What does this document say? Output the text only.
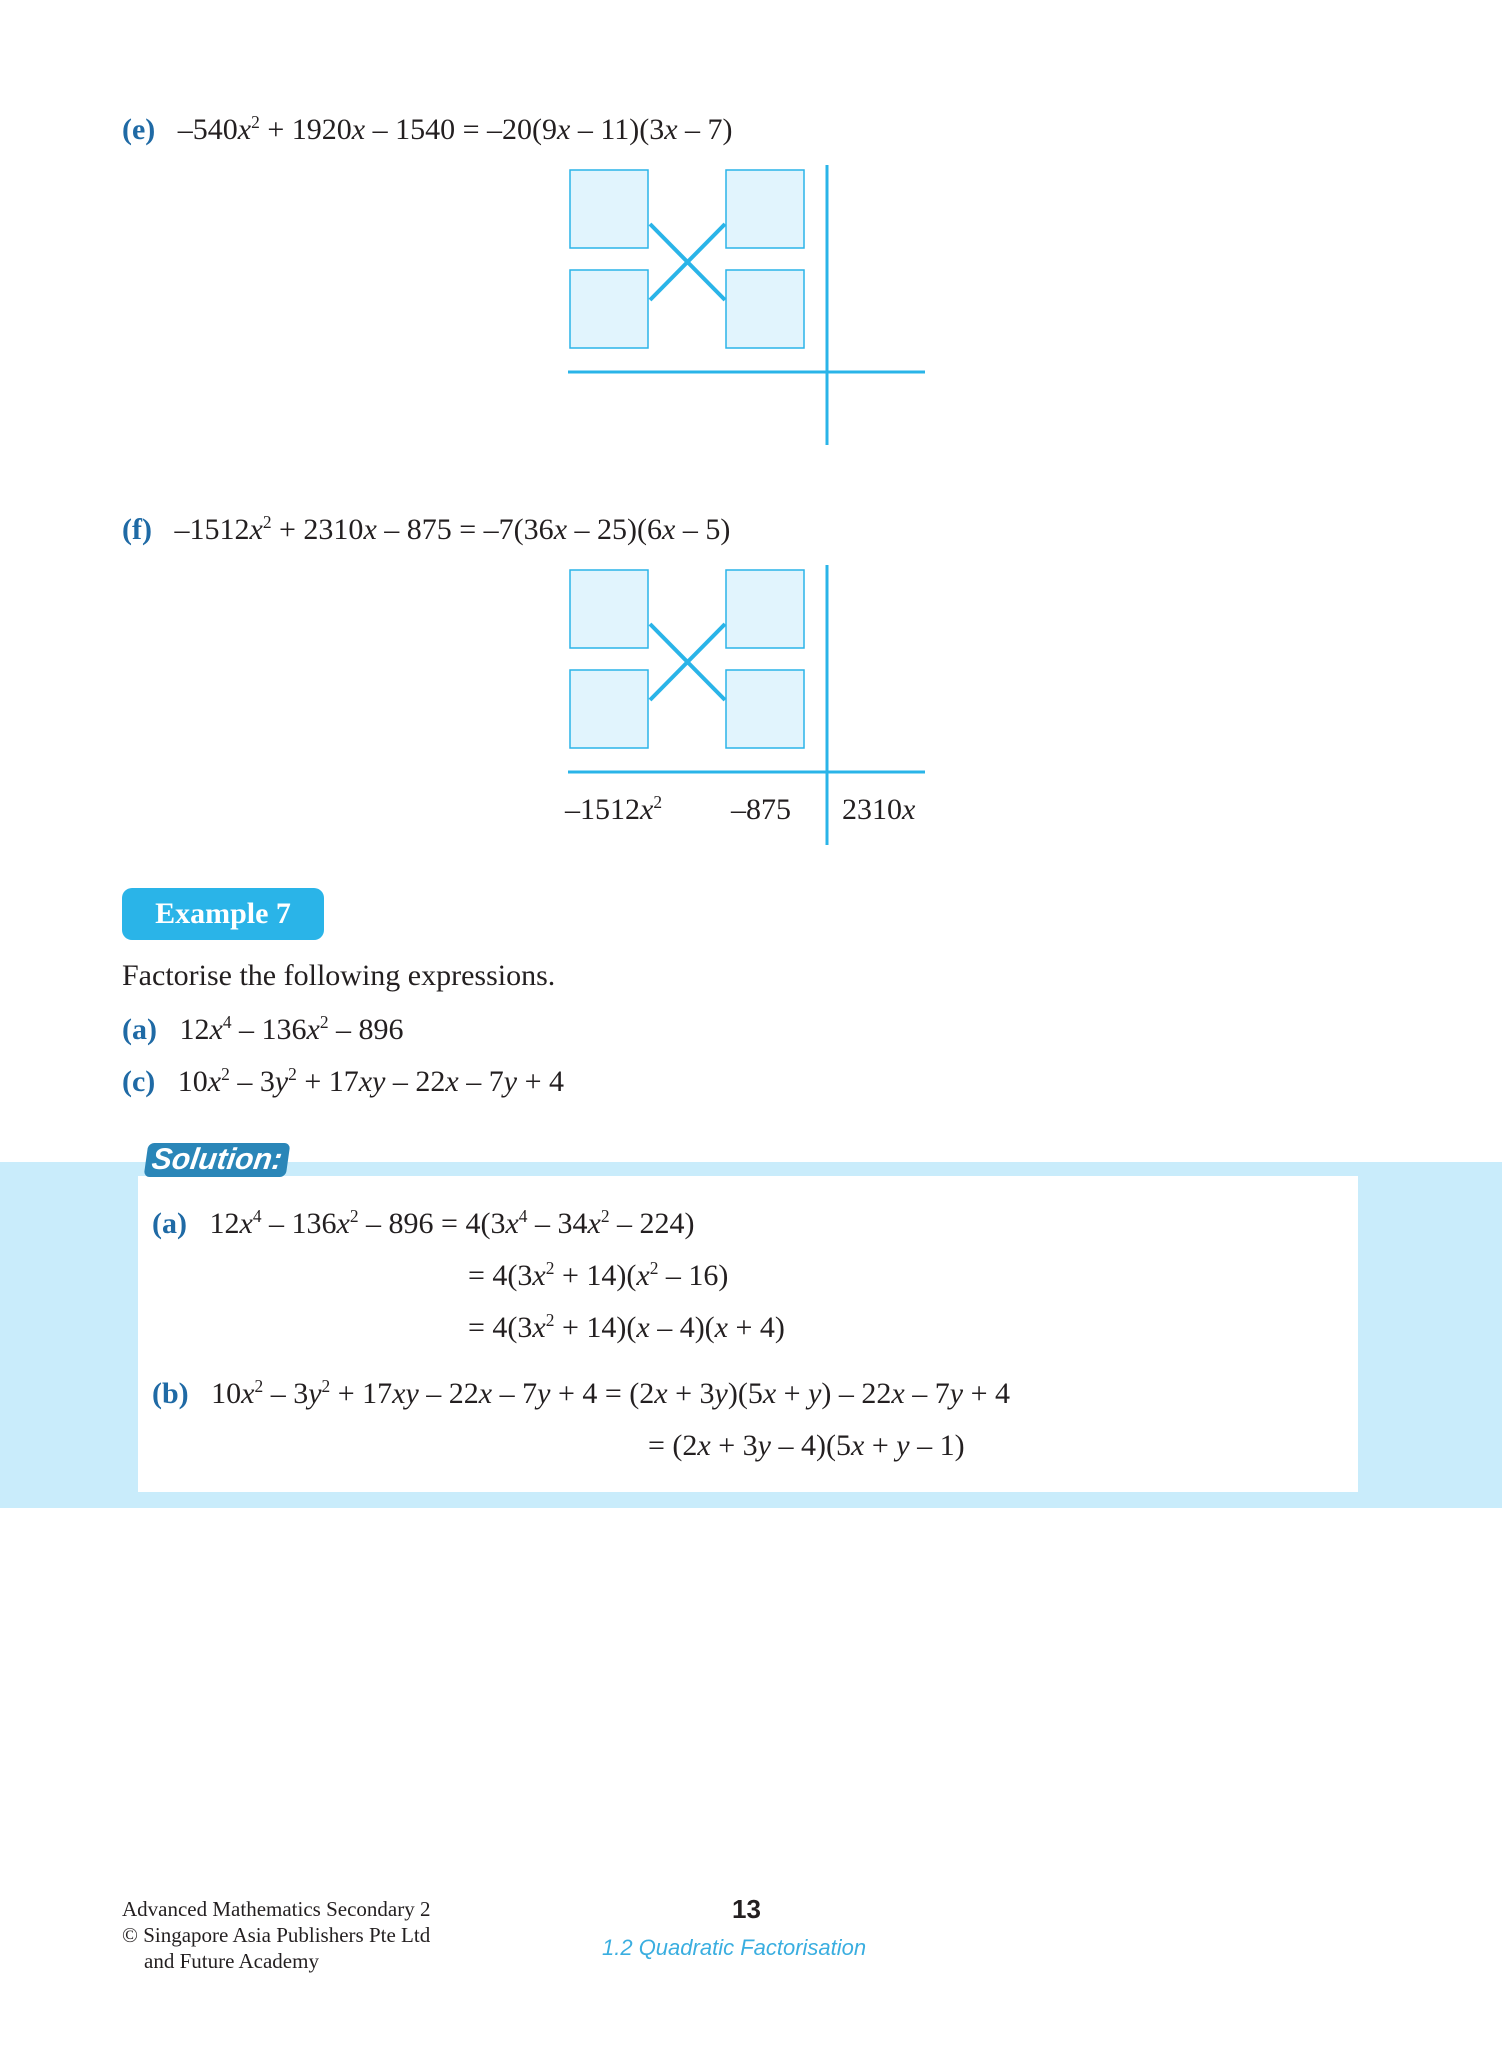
(e)   $-540x^2 + 1920x - 1540 = -20(9x - 11)(3x - 7)$
(f)   $-1512x^2 + 2310x - 875 = -7(36x - 25)(6x - 5)$
$-1512x^2$ –875 2310x
Example 7
Factorise the following expressions.
(a)   $12x^4 - 136x^2 - 896$
(c)   $10x^2 - 3y^2 + 17xy - 22x - 7y + 4$
Solution:
(a)   $12x^4 - 136x^2 - 896 = 4(3x^4 - 34x^2 - 224)$
= $4(3x^2 + 14)(x^2 - 16)$
= $4(3x^2 + 14)(x - 4)(x + 4)$
(b)   $10x^2 - 3y^2 + 17xy - 22x - 7y + 4 = (2x + 3y)(5x + y) - 22x - 7y + 4$
= (2x + 3y – 4)(5x + y – 1)
Advanced Mathematics Secondary 2
© Singapore Asia Publishers Pte Ltd
and Future Academy
13
1.2 Quadratic Factorisation
